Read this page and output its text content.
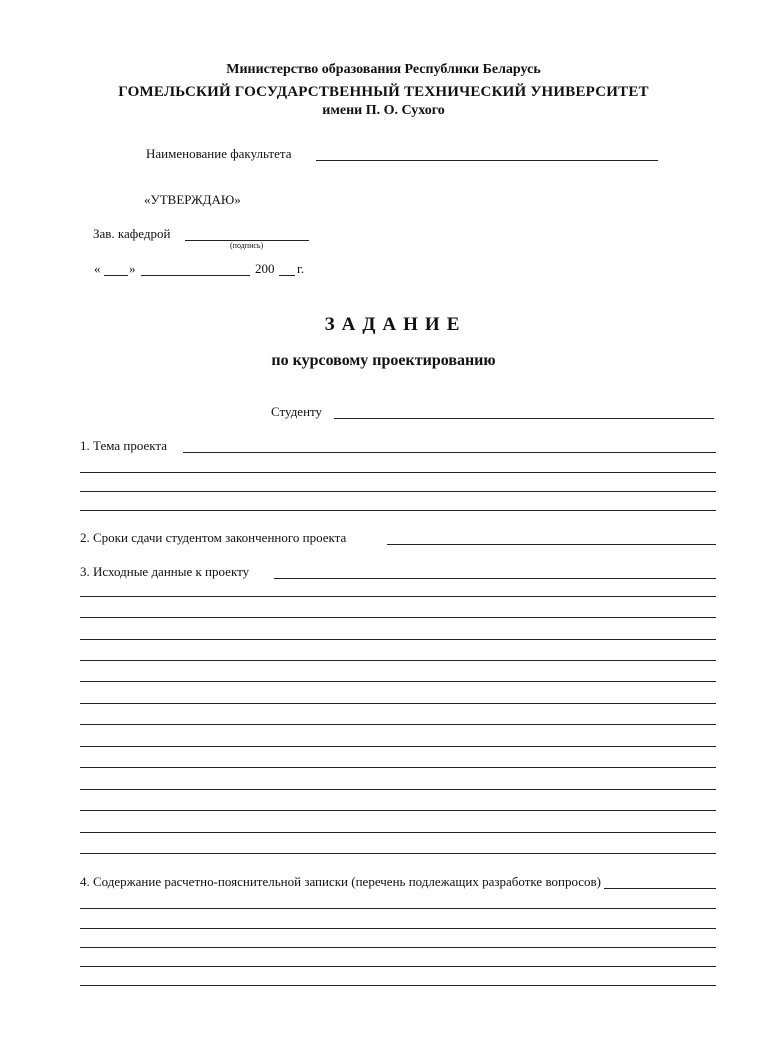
Министерство образования Республики Беларусь
ГОМЕЛЬСКИЙ ГОСУДАРСТВЕННЫЙ ТЕХНИЧЕСКИЙ УНИВЕРСИТЕТ
имени П. О. Сухого
Наименование факультета
«УТВЕРЖДАЮ»
Зав. кафедрой
(подпись)
« »	200 г.
ЗАДАНИЕ
по курсовому проектированию
Студенту
1. Тема проекта
2. Сроки сдачи студентом законченного проекта
3. Исходные данные к проекту
4. Содержание расчетно-пояснительной записки (перечень подлежащих разработке вопросов)
